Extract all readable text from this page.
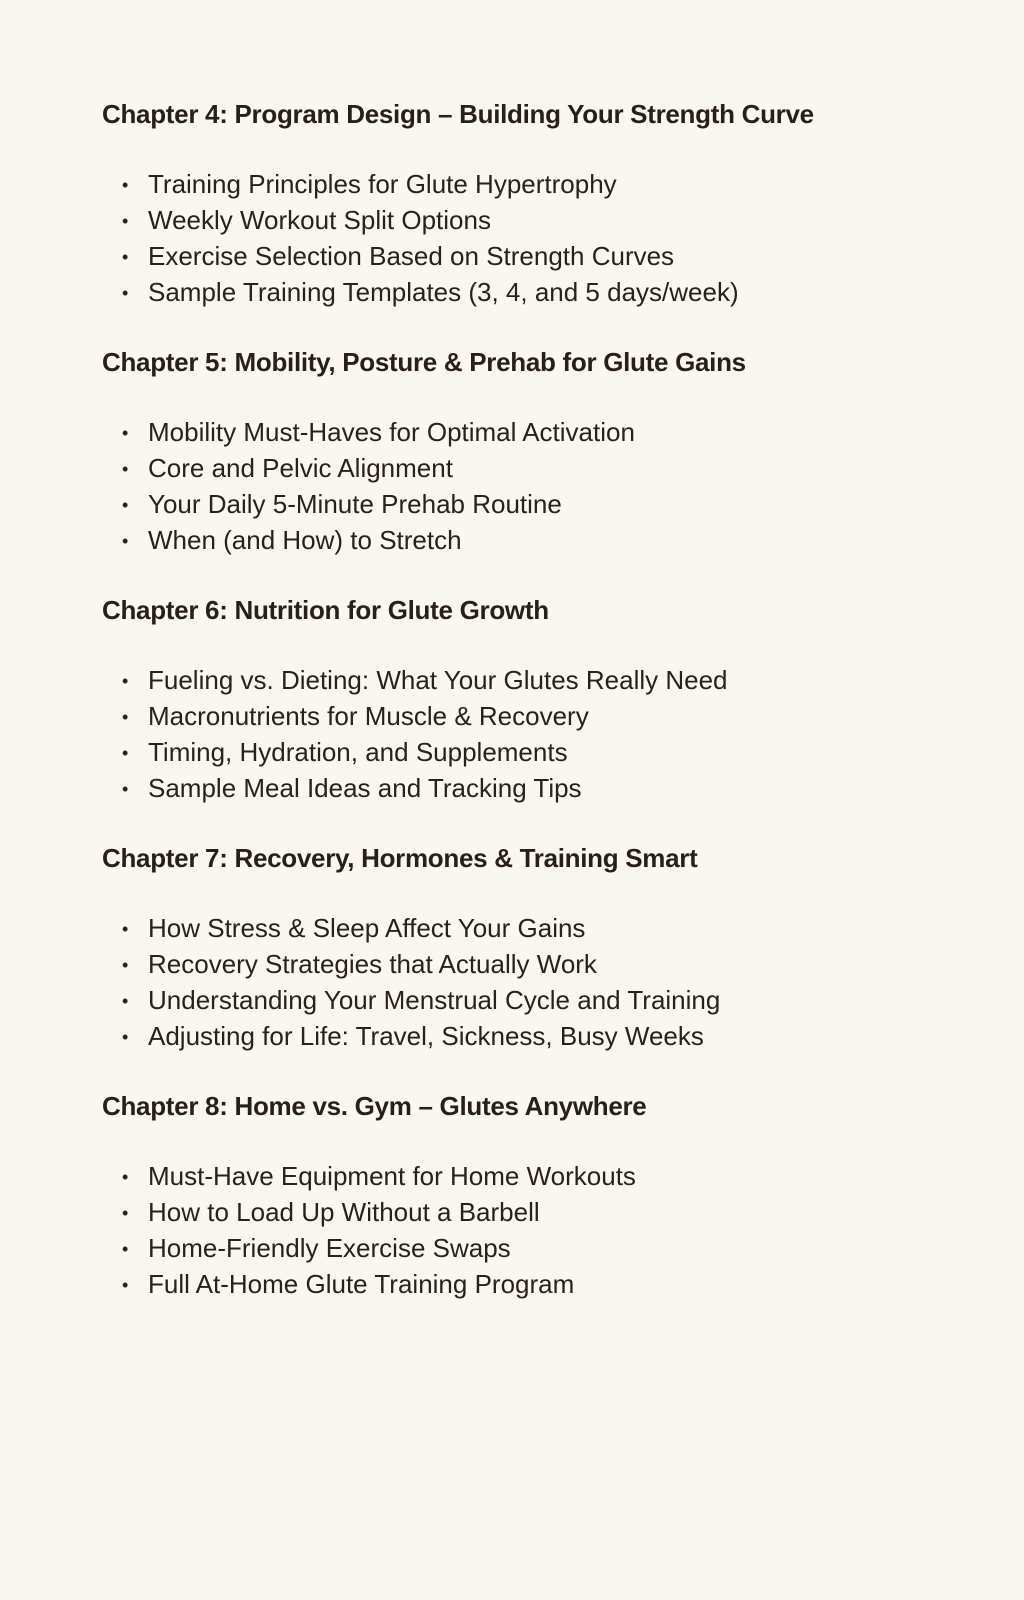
Chapter 4: Program Design – Building Your Strength Curve
• Training Principles for Glute Hypertrophy
• Weekly Workout Split Options
• Exercise Selection Based on Strength Curves
• Sample Training Templates (3, 4, and 5 days/week)
Chapter 5: Mobility, Posture & Prehab for Glute Gains
• Mobility Must-Haves for Optimal Activation
• Core and Pelvic Alignment
• Your Daily 5-Minute Prehab Routine
• When (and How) to Stretch
Chapter 6: Nutrition for Glute Growth
• Fueling vs. Dieting: What Your Glutes Really Need
• Macronutrients for Muscle & Recovery
• Timing, Hydration, and Supplements
• Sample Meal Ideas and Tracking Tips
Chapter 7: Recovery, Hormones & Training Smart
• How Stress & Sleep Affect Your Gains
• Recovery Strategies that Actually Work
• Understanding Your Menstrual Cycle and Training
• Adjusting for Life: Travel, Sickness, Busy Weeks
Chapter 8: Home vs. Gym – Glutes Anywhere
• Must-Have Equipment for Home Workouts
• How to Load Up Without a Barbell
• Home-Friendly Exercise Swaps
• Full At-Home Glute Training Program
